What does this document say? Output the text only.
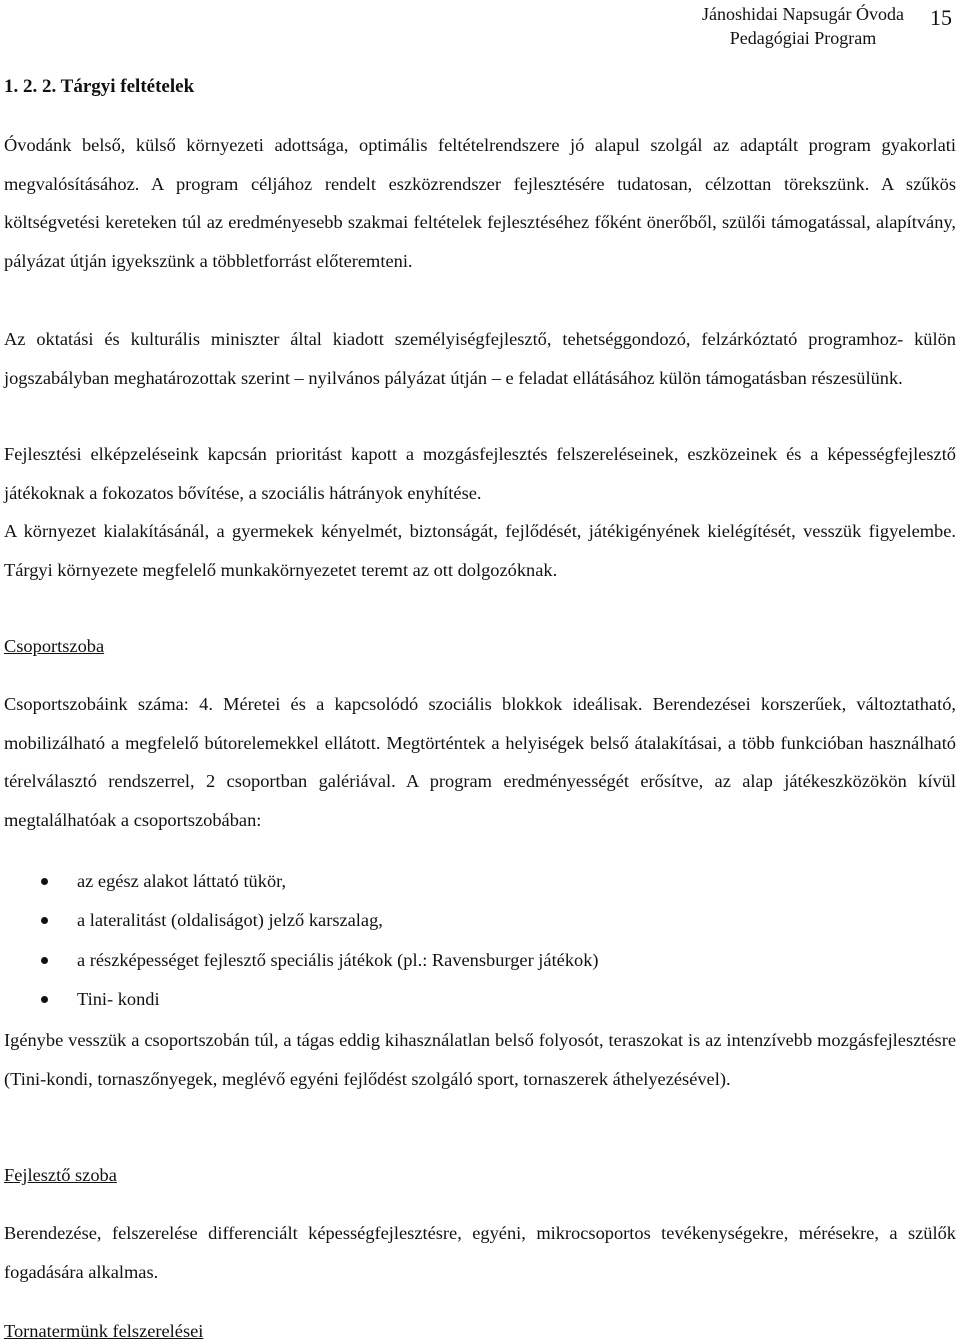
Jánoshidai Napsugár Óvoda
Pedagógiai Program
15
1. 2. 2. Tárgyi feltételek

Óvodánk belső, külső környezeti adottsága, optimális feltételrendszere jó alapul szolgál az adaptált program gyakorlati megvalósításához. A program céljához rendelt eszközrendszer fejlesztésére tudatosan, célzottan törekszünk. A szűkös költségvetési kereteken túl az eredményesebb szakmai feltételek fejlesztéséhez főként önerőből, szülői támogatással, alapítvány, pályázat útján igyekszünk a többletforrást előteremteni.

Az oktatási és kulturális miniszter által kiadott személyiségfejlesztő, tehetséggondozó, felzárkóztató programhoz- külön jogszabályban meghatározottak szerint – nyilvános pályázat útján – e feladat ellátásához külön támogatásban részesülünk.

Fejlesztési elképzeléseink kapcsán prioritást kapott a mozgásfejlesztés felszereléseinek, eszközeinek és a képességfejlesztő játékoknak a fokozatos bővítése, a szociális hátrányok enyhítése.

A környezet kialakításánál, a gyermekek kényelmét, biztonságát, fejlődését, játékigényének kielégítését, vesszük figyelembe. Tárgyi környezete megfelelő munkakörnyezetet teremt az ott dolgozóknak.

Csoportszoba

Csoportszobáink száma: 4. Méretei és a kapcsolódó szociális blokkok ideálisak. Berendezései korszerűek, változtatható, mobilizálható a megfelelő bútorelemekkel ellátott. Megtörténtek a helyiségek belső átalakításai, a több funkcióban használható térelválasztó rendszerrel, 2 csoportban galériával. A program eredményességét erősítve, az alap játékeszközökön kívül megtalálhatóak a csoportszobában:

az egész alakot láttató tükör,
a lateralitást (oldaliságot) jelző karszalag,
a részképességet fejlesztő speciális játékok (pl.: Ravensburger játékok)
Tini- kondi

Igénybe vesszük a csoportszobán túl, a tágas eddig kihasználatlan belső folyosót, teraszokat is az intenzívebb mozgásfejlesztésre (Tini-kondi, tornaszőnyegek, meglévő egyéni fejlődést szolgáló sport, tornaszerek áthelyezésével).

Fejlesztő szoba

Berendezése, felszerelése differenciált képességfejlesztésre, egyéni, mikrocsoportos tevékenységekre, mérésekre, a szülők fogadására alkalmas.

Tornatermünk felszerelései
